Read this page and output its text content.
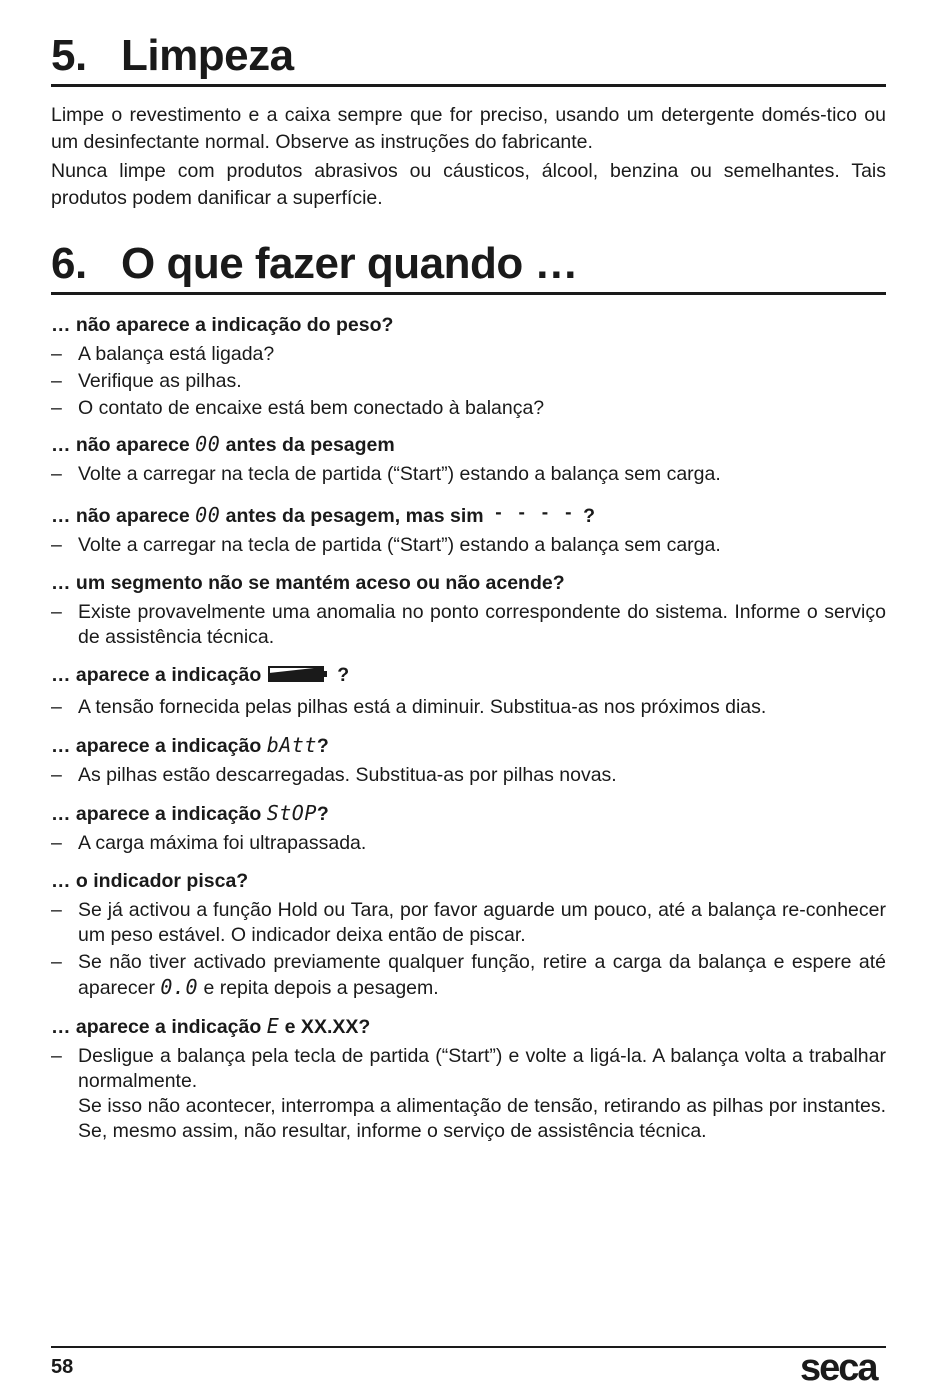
5. Limpeza

Limpe o revestimento e a caixa sempre que for preciso, usando um detergente domés-tico ou um desinfectante normal. Observe as instruções do fabricante.

Nunca limpe com produtos abrasivos ou cáusticos, álcool, benzina ou semelhantes. Tais produtos podem danificar a superfície.

6. O que fazer quando …

… não aparece a indicação do peso?

– A balança está ligada?
– Verifique as pilhas.
– O contato de encaixe está bem conectado à balança?

… não aparece 00 antes da pesagem

– Volte a carregar na tecla de partida (“Start”) estando a balança sem carga.

… não aparece 00 antes da pesagem, mas sim - - - - ?

– Volte a carregar na tecla de partida (“Start”) estando a balança sem carga.

… um segmento não se mantém aceso ou não acende?

– Existe provavelmente uma anomalia no ponto correspondente do sistema. Informe o serviço de assistência técnica.

… aparece a indicação	?

– A tensão fornecida pelas pilhas está a diminuir. Substitua-as nos próximos dias.

… aparece a indicação bAtt?

– As pilhas estão descarregadas. Substitua-as por pilhas novas.

… aparece a indicação StOP?

– A carga máxima foi ultrapassada.

… o indicador pisca?

– Se já activou a função Hold ou Tara, por favor aguarde um pouco, até a balança re-conhecer um peso estável. O indicador deixa então de piscar.
– Se não tiver activado previamente qualquer função, retire a carga da balança e espere até aparecer 0.0 e repita depois a pesagem.

… aparece a indicação E e XX.XX?

– Desligue a balança pela tecla de partida (“Start”) e volte a ligá-la. A balança volta a trabalhar normalmente.
Se isso não acontecer, interrompa a alimentação de tensão, retirando as pilhas por instantes. Se, mesmo assim, não resultar, informe o serviço de assistência técnica.
58	seca
